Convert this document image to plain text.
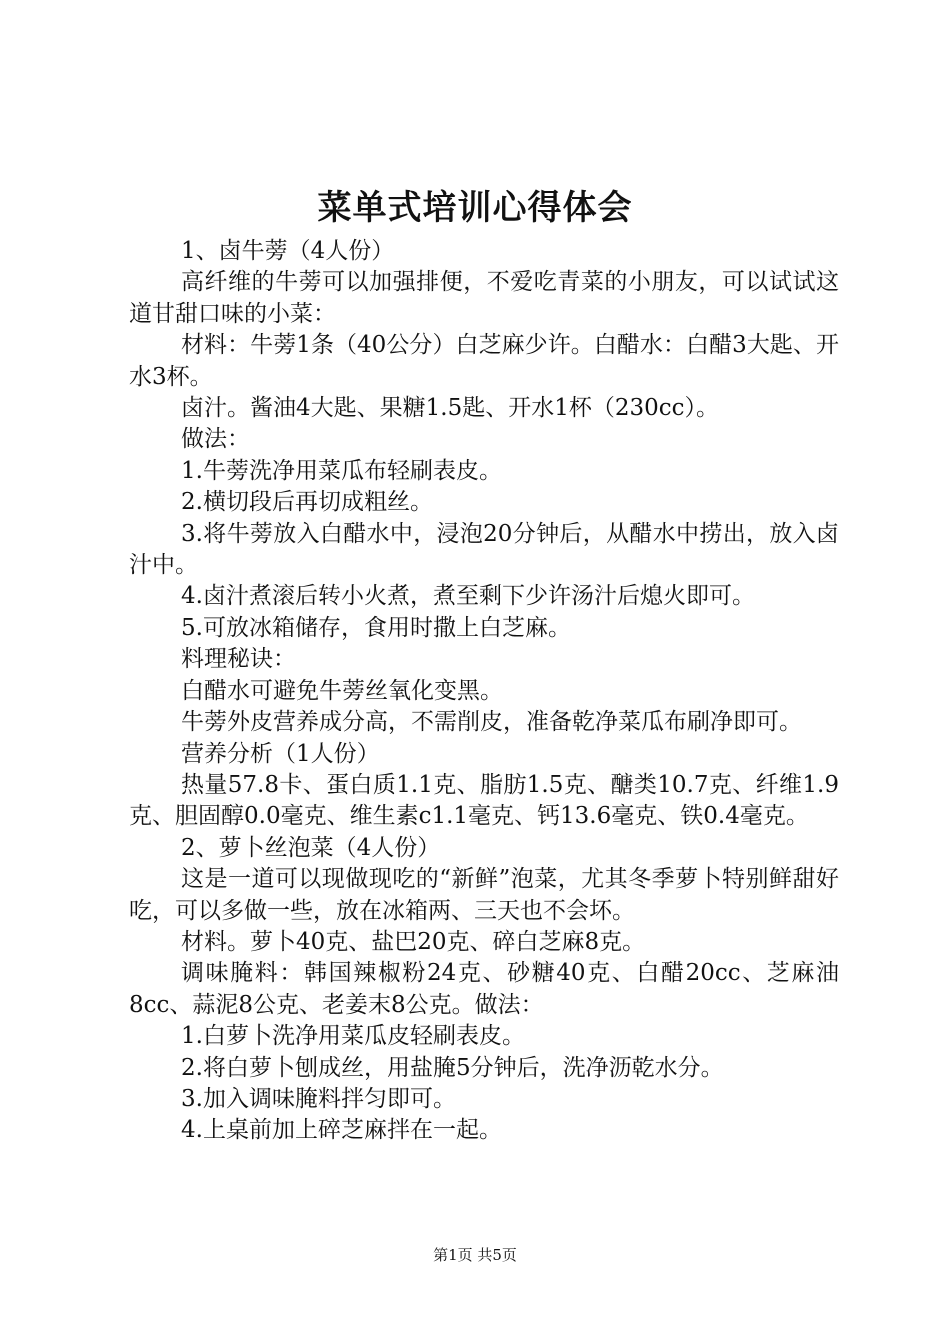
菜单式培训心得体会

1、卤牛蒡（4人份）

高纤维的牛蒡可以加强排便，不爱吃青菜的小朋友，可以试试这道甘甜口味的小菜：

材料：牛蒡1条（40公分）白芝麻少许。白醋水：白醋3大匙、开水3杯。

卤汁。酱油4大匙、果糖1.5匙、开水1杯（230cc）。

做法：

1.牛蒡洗净用菜瓜布轻刷表皮。

2.横切段后再切成粗丝。

3.将牛蒡放入白醋水中，浸泡20分钟后，从醋水中捞出，放入卤汁中。

4.卤汁煮滚后转小火煮，煮至剩下少许汤汁后熄火即可。

5.可放冰箱储存，食用时撒上白芝麻。

料理秘诀：

白醋水可避免牛蒡丝氧化变黑。

牛蒡外皮营养成分高，不需削皮，准备乾净菜瓜布刷净即可。

营养分析（1人份）

热量57.8卡、蛋白质1.1克、脂肪1.5克、醣类10.7克、纤维1.9克、胆固醇0.0毫克、维生素c1.1毫克、钙13.6毫克、铁0.4毫克。

2、萝卜丝泡菜（4人份）

这是一道可以现做现吃的“新鲜”泡菜，尤其冬季萝卜特别鲜甜好吃，可以多做一些，放在冰箱两、三天也不会坏。

材料。萝卜40克、盐巴20克、碎白芝麻8克。

调味腌料：韩国辣椒粉24克、砂糖40克、白醋20cc、芝麻油8cc、蒜泥8公克、老姜末8公克。做法：

1.白萝卜洗净用菜瓜皮轻刷表皮。

2.将白萝卜刨成丝，用盐腌5分钟后，洗净沥乾水分。

3.加入调味腌料拌匀即可。

4.上桌前加上碎芝麻拌在一起。

第1页 共5页
